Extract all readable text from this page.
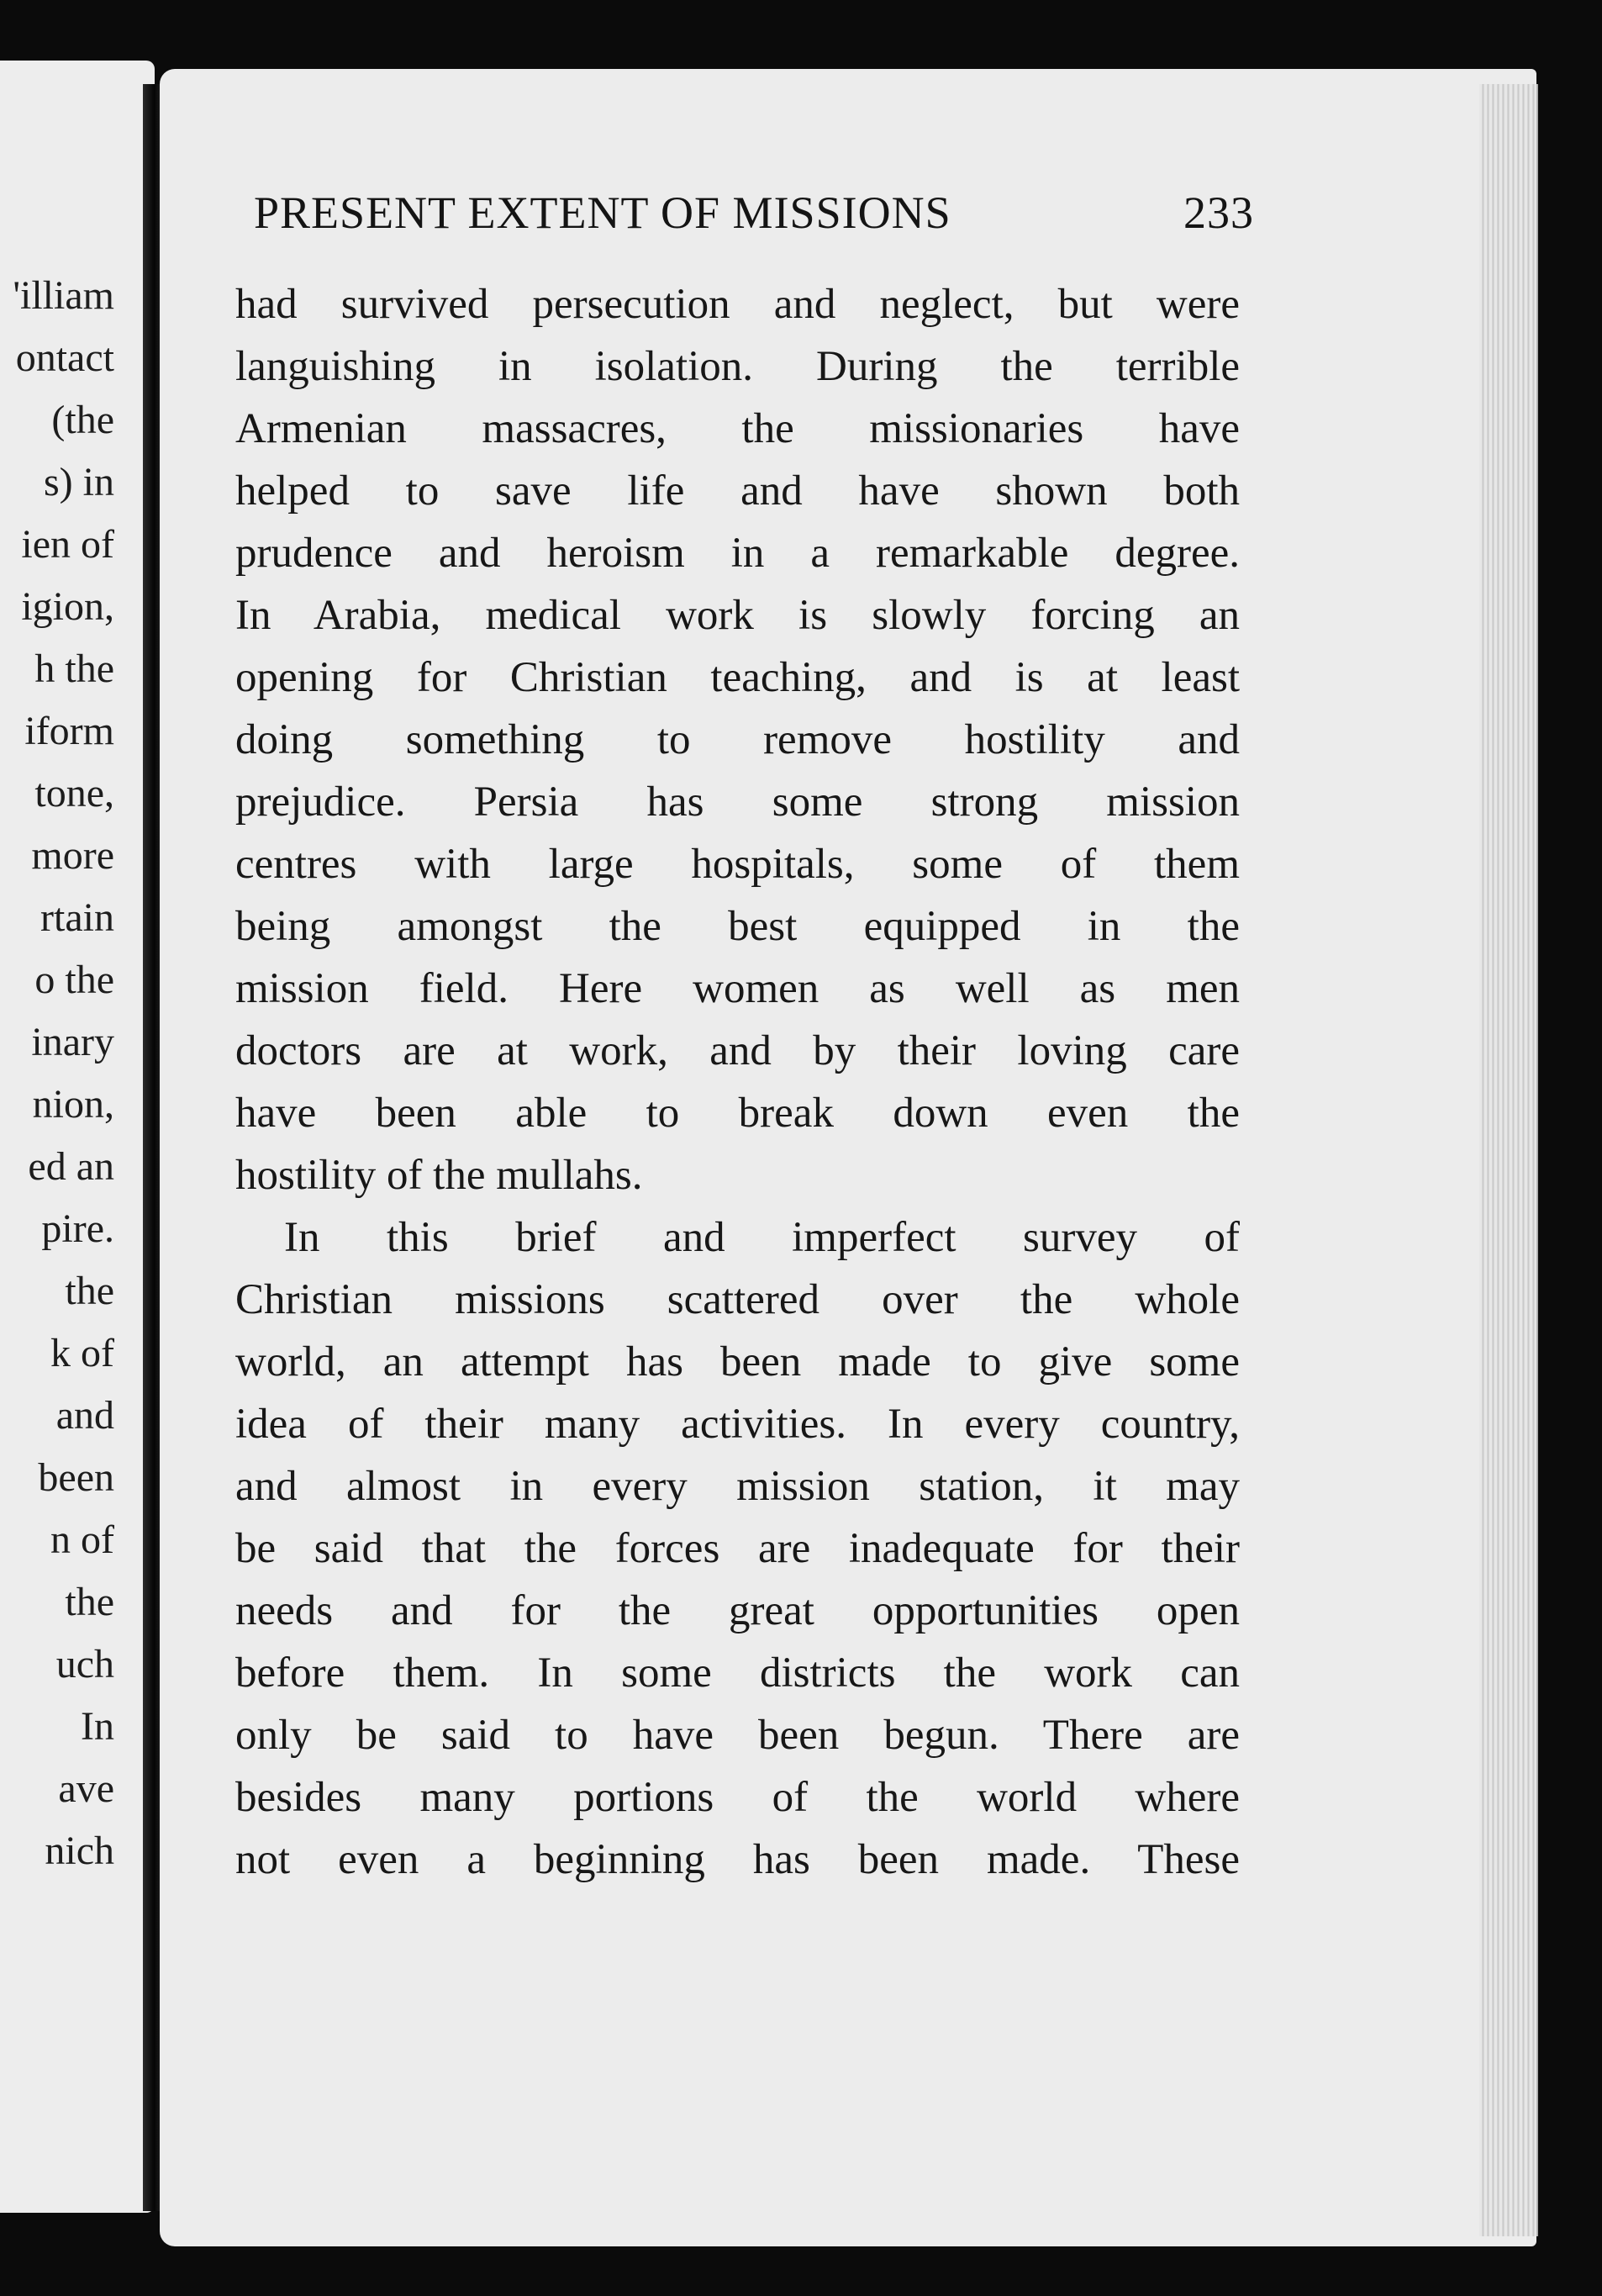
'illiam
ontact
(the
s) in
ien of
igion,
h the
iform
tone,
more
rtain
o the
inary
nion,
ed an
pire.
the
k of
and
been
n of
the
uch
In
ave
nich
PRESENT EXTENT OF MISSIONS	233
had survived persecution and neglect, but were
languishing in isolation. During the terrible
Armenian massacres, the missionaries have
helped to save life and have shown both
prudence and heroism in a remarkable degree.
In Arabia, medical work is slowly forcing an
opening for Christian teaching, and is at least
doing something to remove hostility and
prejudice. Persia has some strong mission
centres with large hospitals, some of them
being amongst the best equipped in the
mission field. Here women as well as men
doctors are at work, and by their loving care
have been able to break down even the
hostility of the mullahs.
In this brief and imperfect survey of
Christian missions scattered over the whole
world, an attempt has been made to give some
idea of their many activities. In every country,
and almost in every mission station, it may
be said that the forces are inadequate for their
needs and for the great opportunities open
before them. In some districts the work can
only be said to have been begun. There are
besides many portions of the world where
not even a beginning has been made. These
